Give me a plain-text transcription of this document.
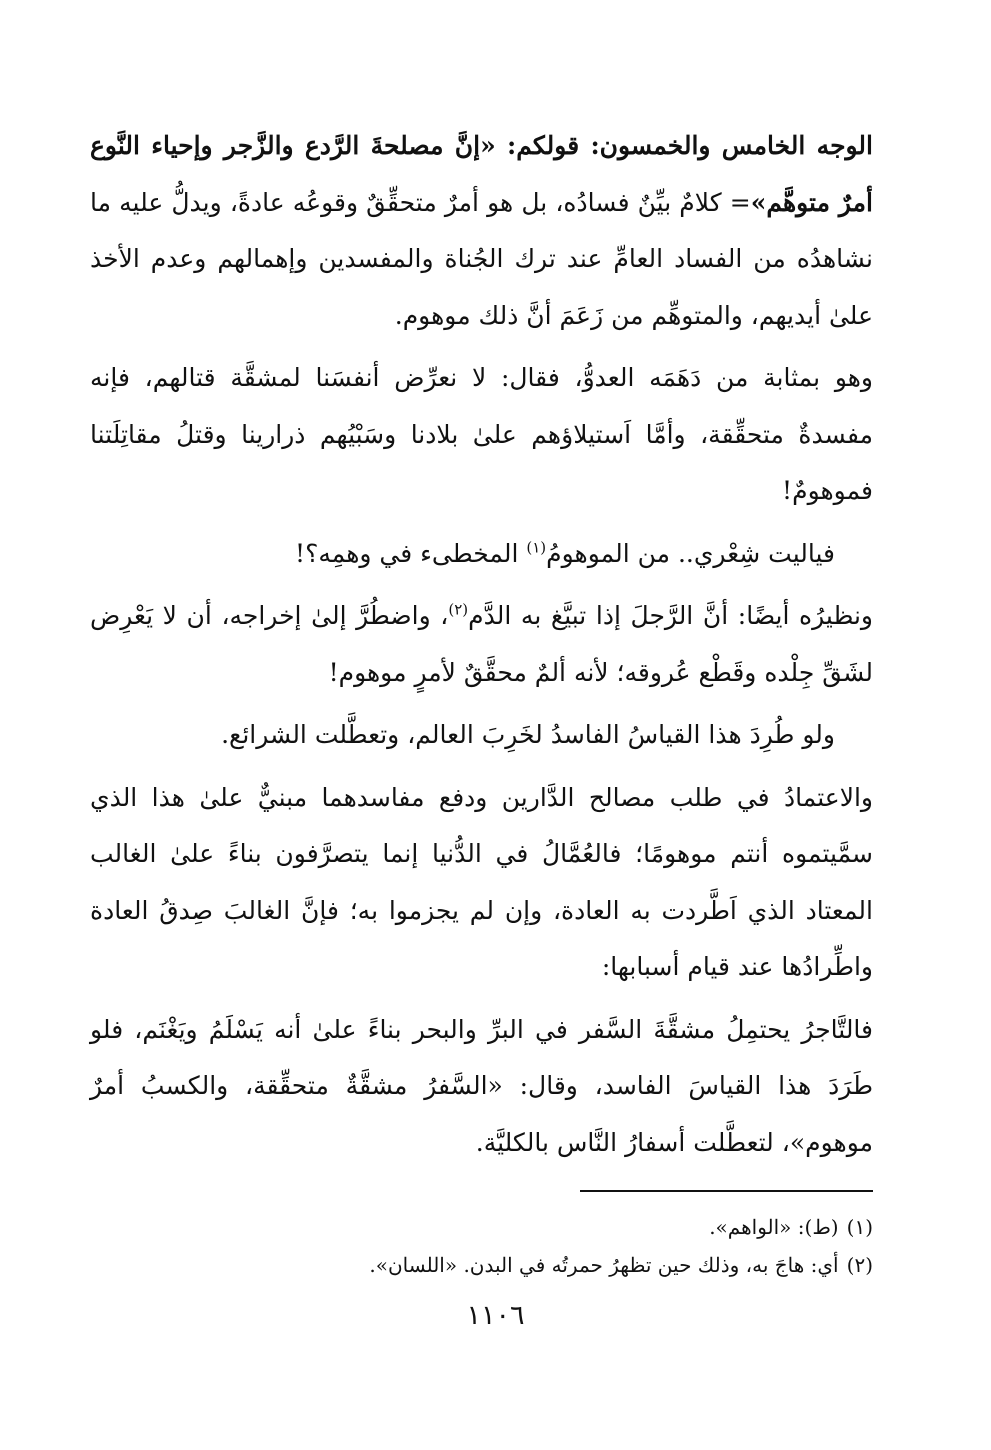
الوجه الخامس والخمسون: قولكم: «إنَّ مصلحةَ الرَّدع والزَّجر وإحياء النَّوع أمرٌ متوهَّم»= كلامٌ بيِّنٌ فسادُه، بل هو أمرٌ متحقِّقٌ وقوعُه عادةً، ويدلُّ عليه ما نشاهدُه من الفساد العامِّ عند ترك الجُناة والمفسدين وإهمالهم وعدم الأخذ علىٰ أيديهم، والمتوهِّم من زَعَمَ أنَّ ذلك موهوم.

وهو بمثابة من دَهَمَه العدوُّ، فقال: لا نعرِّض أنفسَنا لمشقَّة قتالهم، فإنه مفسدةٌ متحقِّقة، وأمَّا اَستيلاؤهم علىٰ بلادنا وسَبْيُهم ذرارينا وقتلُ مقاتِلَتنا فموهومٌ!

فياليت شِعْري.. من الموهومُ$^{(١)}$ المخطىء في وهمِه؟!

ونظيرُه أيضًا: أنَّ الرَّجلَ إذا تبيَّغ به الدَّم$^{(٢)}$، واضطُرَّ إلىٰ إخراجه، أن لا يَعْرِض لشَقِّ جِلْده وقَطْع عُروقه؛ لأنه ألمٌ محقَّقٌ لأمرٍ موهوم!

ولو طُرِدَ هذا القياسُ الفاسدُ لخَرِبَ العالم، وتعطَّلت الشرائع.

والاعتمادُ في طلب مصالح الدَّارين ودفع مفاسدهما مبنيٌّ علىٰ هذا الذي سمَّيتموه أنتم موهومًا؛ فالعُمَّالُ في الدُّنيا إنما يتصرَّفون بناءً علىٰ الغالب المعتاد الذي اَطَّردت به العادة، وإن لم يجزموا به؛ فإنَّ الغالبَ صِدقُ العادة واطِّرادُها عند قيام أسبابها:

فالتَّاجرُ يحتمِلُ مشقَّةَ السَّفر في البرِّ والبحر بناءً علىٰ أنه يَسْلَمُ ويَغْنَم، فلو طَرَدَ هذا القياسَ الفاسد، وقال: «السَّفرُ مشقَّةٌ متحقِّقة، والكسبُ أمرٌ موهوم»، لتعطَّلت أسفارُ النَّاس بالكليَّة.

(١)(ط): «الواهم».

(٢)أي: هاجَ به، وذلك حين تظهرُ حمرتُه في البدن. «اللسان».

١١٠٦
